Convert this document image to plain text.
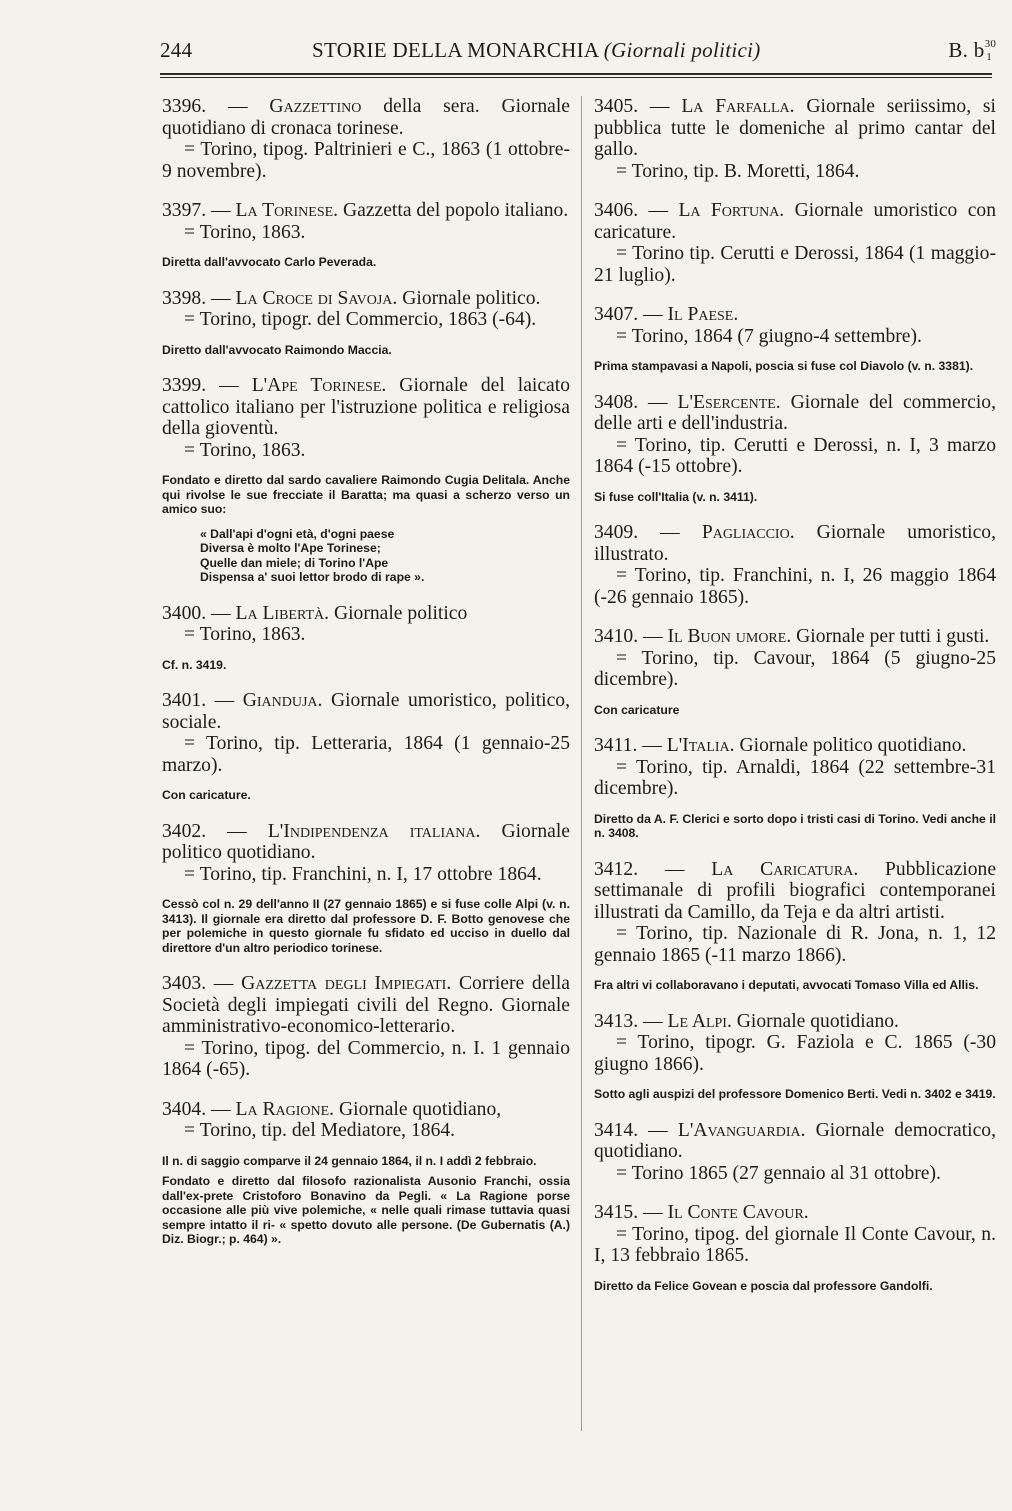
244	STORIE DELLA MONARCHIA (Giornali politici)	B. $b^{30}1$

3396. — Gazzettino della sera. Giornale quotidiano di cronaca torinese.

= Torino, tipog. Paltrinieri e C., 1863 (1 ottobre-9 novembre).

3397. — La Torinese. Gazzetta del popolo italiano.

= Torino, 1863.

Diretta dall'avvocato Carlo Peverada.

3398. — La Croce di Savoja. Giornale politico.

= Torino, tipogr. del Commercio, 1863 (-64).

Diretto dall'avvocato Raimondo Maccia.

3399. — L'Ape Torinese. Giornale del laicato cattolico italiano per l'istruzione politica e religiosa della gioventù.

= Torino, 1863.

Fondato e diretto dal sardo cavaliere Raimondo Cugia Delitala. Anche qui rivolse le sue frecciate il Baratta; ma quasi a scherzo verso un amico suo:
« Dall'api d'ogni età, d'ogni paese
Diversa è molto l'Ape Torinese;
Quelle dan miele; di Torino l'Ape
Dispensa a' suoi lettor brodo di rape ».

3400. — La Libertà. Giornale politico

= Torino, 1863.

Cf. n. 3419.

3401. — Gianduja. Giornale umoristico, politico, sociale.

= Torino, tip. Letteraria, 1864 (1 gennaio-25 marzo).

Con caricature.

3402. — L'Indipendenza italiana. Giornale politico quotidiano.

= Torino, tip. Franchini, n. I, 17 ottobre 1864.

Cessò col n. 29 dell'anno II (27 gennaio 1865) e si fuse colle Alpi (v. n. 3413). Il giornale era diretto dal professore D. F. Botto genovese che per polemiche in questo giornale fu sfidato ed ucciso in duello dal direttore d'un altro periodico torinese.

3403. — Gazzetta degli Impiegati. Corriere della Società degli impiegati civili del Regno. Giornale amministrativo-economico-letterario.

= Torino, tipog. del Commercio, n. I. 1 gennaio 1864 (-65).

3404. — La Ragione. Giornale quotidiano,

= Torino, tip. del Mediatore, 1864.

Il n. di saggio comparve il 24 gennaio 1864, il n. I addì 2 febbraio.
Fondato e diretto dal filosofo razionalista Ausonio Franchi, ossia dall'ex-prete Cristoforo Bonavino da Pegli. « La Ragione porse occasione alle più vive polemiche, « nelle quali rimase tuttavia quasi sempre intatto il ri- « spetto dovuto alle persone. (De Gubernatis (A.) Diz. Biogr.; p. 464) ».

3405. — La Farfalla. Giornale seriissimo, si pubblica tutte le domeniche al primo cantar del gallo.

= Torino, tip. B. Moretti, 1864.

3406. — La Fortuna. Giornale umoristico con caricature.

= Torino tip. Cerutti e Derossi, 1864 (1 maggio-21 luglio).

3407. — Il Paese.

= Torino, 1864 (7 giugno-4 settembre).

Prima stampavasi a Napoli, poscia si fuse col Diavolo (v. n. 3381).

3408. — L'Esercente. Giornale del commercio, delle arti e dell'industria.

= Torino, tip. Cerutti e Derossi, n. I, 3 marzo 1864 (-15 ottobre).

Si fuse coll'Italia (v. n. 3411).

3409. — Pagliaccio. Giornale umoristico, illustrato.

= Torino, tip. Franchini, n. I, 26 maggio 1864 (-26 gennaio 1865).

3410. — Il Buon umore. Giornale per tutti i gusti.

= Torino, tip. Cavour, 1864 (5 giugno-25 dicembre).

Con caricature

3411. — L'Italia. Giornale politico quotidiano.

= Torino, tip. Arnaldi, 1864 (22 settembre-31 dicembre).

Diretto da A. F. Clerici e sorto dopo i tristi casi di Torino. Vedi anche il n. 3408.

3412. — La Caricatura. Pubblicazione settimanale di profili biografici contemporanei illustrati da Camillo, da Teja e da altri artisti.

= Torino, tip. Nazionale di R. Jona, n. 1, 12 gennaio 1865 (-11 marzo 1866).

Fra altri vi collaboravano i deputati, avvocati Tomaso Villa ed Allis.

3413. — Le Alpi. Giornale quotidiano.

= Torino, tipogr. G. Faziola e C. 1865 (-30 giugno 1866).

Sotto agli auspizi del professore Domenico Berti. Vedi n. 3402 e 3419.

3414. — L'Avanguardia. Giornale democratico, quotidiano.

= Torino 1865 (27 gennaio al 31 ottobre).

3415. — Il Conte Cavour.

= Torino, tipog. del giornale Il Conte Cavour, n. I, 13 febbraio 1865.

Diretto da Felice Govean e poscia dal professore Gandolfi.
